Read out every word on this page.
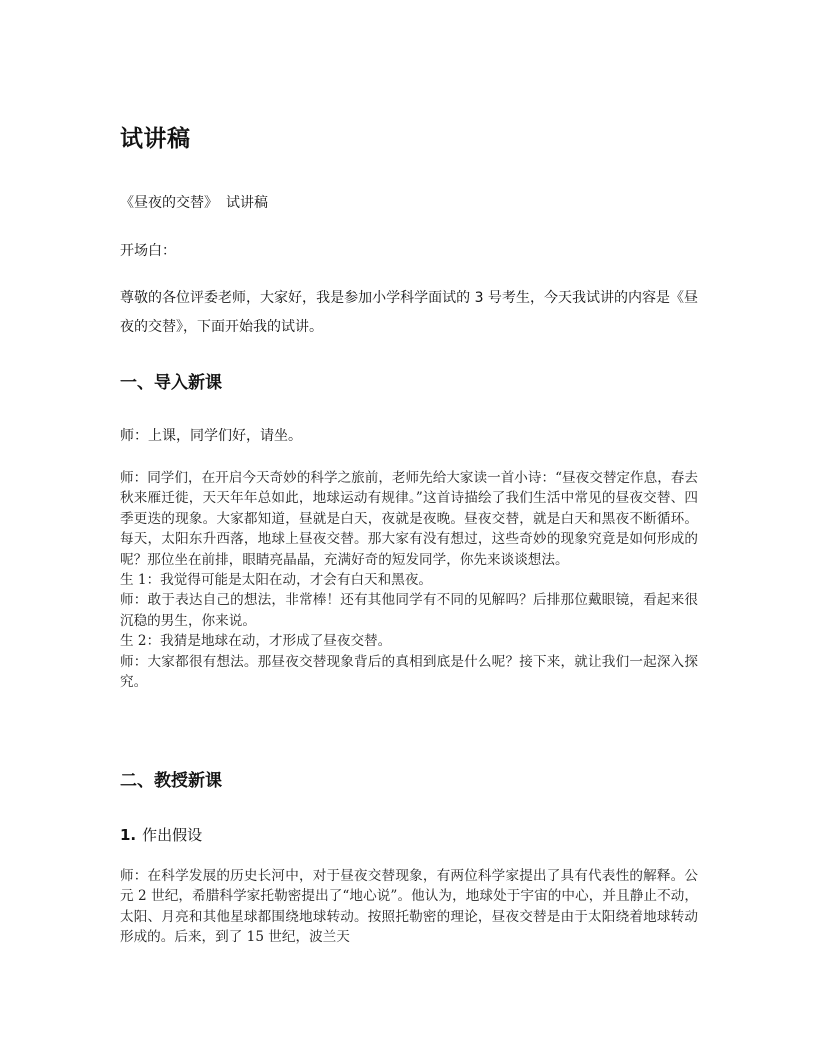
试讲稿

《昼夜的交替》 试讲稿

开场白：

尊敬的各位评委老师，大家好，我是参加小学科学面试的 3 号考生，今天我试讲的内容是《昼夜的交替》，下面开始我的试讲。

一、导入新课

师：上课，同学们好，请坐。

师：同学们，在开启今天奇妙的科学之旅前，老师先给大家读一首小诗：“昼夜交替定作息，春去秋来雁迁徙，天天年年总如此，地球运动有规律。”这首诗描绘了我们生活中常见的昼夜交替、四季更迭的现象。大家都知道，昼就是白天，夜就是夜晚。昼夜交替，就是白天和黑夜不断循环。每天，太阳东升西落，地球上昼夜交替。那大家有没有想过，这些奇妙的现象究竟是如何形成的呢？那位坐在前排，眼睛亮晶晶，充满好奇的短发同学，你先来谈谈想法。

生 1：我觉得可能是太阳在动，才会有白天和黑夜。

师：敢于表达自己的想法，非常棒！还有其他同学有不同的见解吗？后排那位戴眼镜，看起来很沉稳的男生，你来说。

生 2：我猜是地球在动，才形成了昼夜交替。

师：大家都很有想法。那昼夜交替现象背后的真相到底是什么呢？接下来，就让我们一起深入探究。

二、教授新课

1. 作出假设

师：在科学发展的历史长河中，对于昼夜交替现象，有两位科学家提出了具有代表性的解释。公元 2 世纪，希腊科学家托勒密提出了“地心说”。他认为，地球处于宇宙的中心，并且静止不动，太阳、月亮和其他星球都围绕地球转动。按照托勒密的理论，昼夜交替是由于太阳绕着地球转动形成的。后来，到了 15 世纪，波兰天
